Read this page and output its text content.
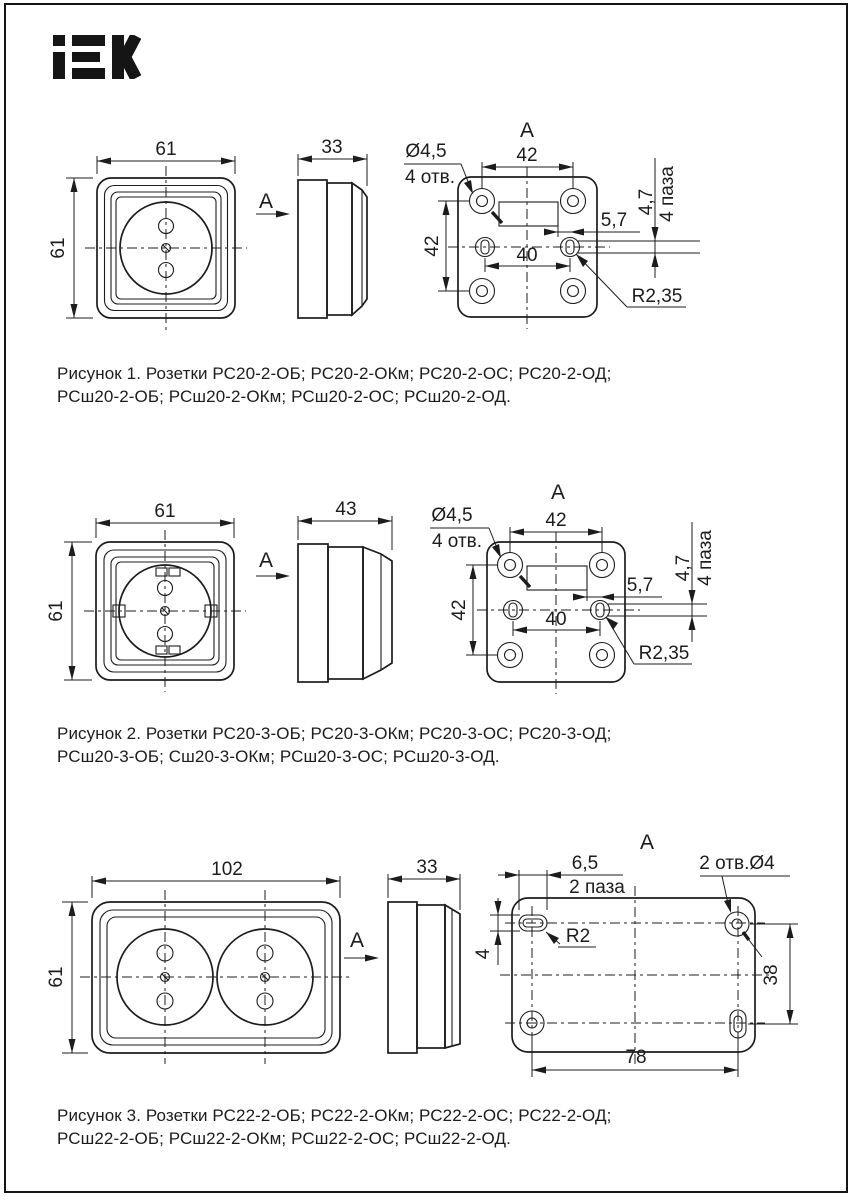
61
61
A
33
A
42
42	40
5,7
4,7 4 паза
R2,35
Ø4,5
4 отв.
Рисунок 1. Розетки РС20-2-ОБ; РС20-2-ОКм; РС20-2-ОС; РС20-2-ОД;
РСш20-2-ОБ; РСш20-2-ОКм; РСш20-2-ОС; РСш20-2-ОД.
61
61
A
43
A
42
42	40
5,7
4,7 4 паза
R2,35
Ø4,5
4 отв.
Рисунок 2. Розетки РС20-3-ОБ; РС20-3-ОКм; РС20-3-ОС; РС20-3-ОД;
РСш20-3-ОБ; Сш20-3-ОКм; РСш20-3-ОС; РСш20-3-ОД.
102
61
A
33
A
6,5
2 паза
2 отв.Ø4
R2
4
38
78
Рисунок 3. Розетки РС22-2-ОБ; РС22-2-ОКм; РС22-2-ОС; РС22-2-ОД;
РСш22-2-ОБ; РСш22-2-ОКм; РСш22-2-ОС; РСш22-2-ОД.
